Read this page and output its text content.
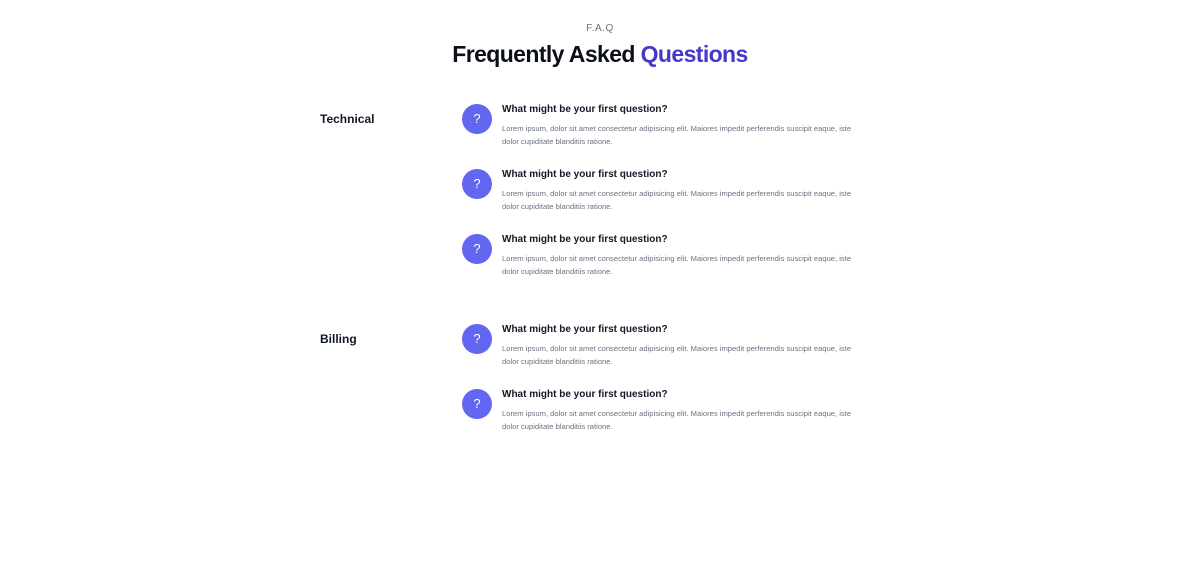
F.A.Q
Frequently Asked Questions
Technical	?

What might be your first question?

Lorem ipsum, dolor sit amet consectetur adipisicing elit. Maiores impedit perferendis suscipit eaque, iste dolor cupiditate blanditiis ratione.

?

What might be your first question?

Lorem ipsum, dolor sit amet consectetur adipisicing elit. Maiores impedit perferendis suscipit eaque, iste dolor cupiditate blanditiis ratione.

?

What might be your first question?

Lorem ipsum, dolor sit amet consectetur adipisicing elit. Maiores impedit perferendis suscipit eaque, iste dolor cupiditate blanditiis ratione.

Billing	?

What might be your first question?

Lorem ipsum, dolor sit amet consectetur adipisicing elit. Maiores impedit perferendis suscipit eaque, iste dolor cupiditate blanditiis ratione.

?

What might be your first question?

Lorem ipsum, dolor sit amet consectetur adipisicing elit. Maiores impedit perferendis suscipit eaque, iste dolor cupiditate blanditiis ratione.
